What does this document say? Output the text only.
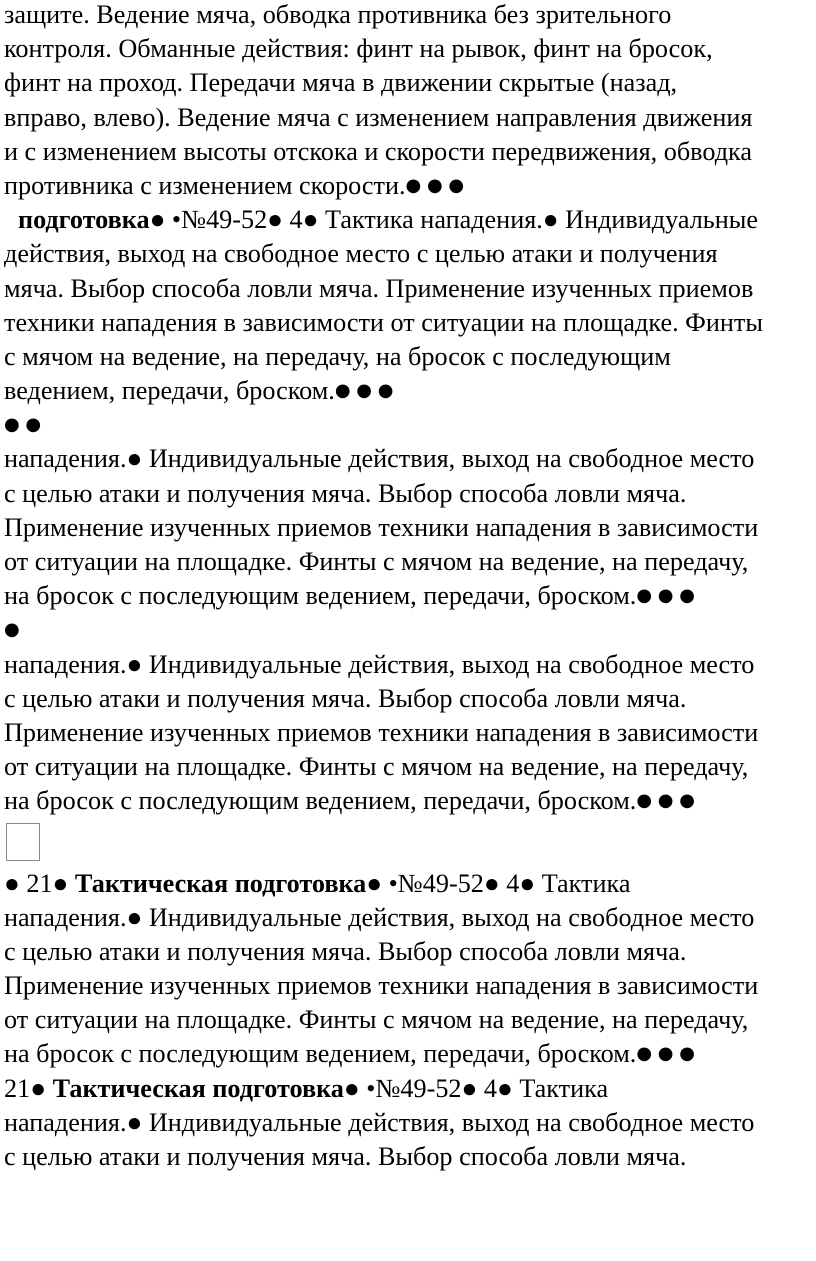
защите. Ведение мяча, обводка противника без зрительного
контроля. Обманные действия: финт на рывок, финт на бросок,
финт на проход. Передачи мяча в движении скрытые (назад,
вправо, влево). Ведение мяча с изменением направления движения
и с изменением высоты отскока и скорости передвижения, обводка
противника с изменением скорости.● ● ●
подготовка● •№49-52● 4● Тактика нападения.● Индивидуальные
действия, выход на свободное место с целью атаки и получения
мяча. Выбор способа ловли мяча. Применение изученных приемов
техники нападения в зависимости от ситуации на площадке. Финты
с мячом на ведение, на передачу, на бросок с последующим
ведением, передачи, броском.● ● ●
● ●
нападения.● Индивидуальные действия, выход на свободное место
с целью атаки и получения мяча. Выбор способа ловли мяча.
Применение изученных приемов техники нападения в зависимости
от ситуации на площадке. Финты с мячом на ведение, на передачу,
на бросок с последующим ведением, передачи, броском.● ● ●
●
нападения.● Индивидуальные действия, выход на свободное место
с целью атаки и получения мяча. Выбор способа ловли мяча.
Применение изученных приемов техники нападения в зависимости
от ситуации на площадке. Финты с мячом на ведение, на передачу,
на бросок с последующим ведением, передачи, броском.● ● ●
● 21● Тактическая подготовка● •№49-52● 4● Тактика
нападения.● Индивидуальные действия, выход на свободное место
с целью атаки и получения мяча. Выбор способа ловли мяча.
Применение изученных приемов техники нападения в зависимости
от ситуации на площадке. Финты с мячом на ведение, на передачу,
на бросок с последующим ведением, передачи, броском.● ● ●
21● Тактическая подготовка● •№49-52● 4● Тактика
нападения.● Индивидуальные действия, выход на свободное место
с целью атаки и получения мяча. Выбор способа ловли мяча.
